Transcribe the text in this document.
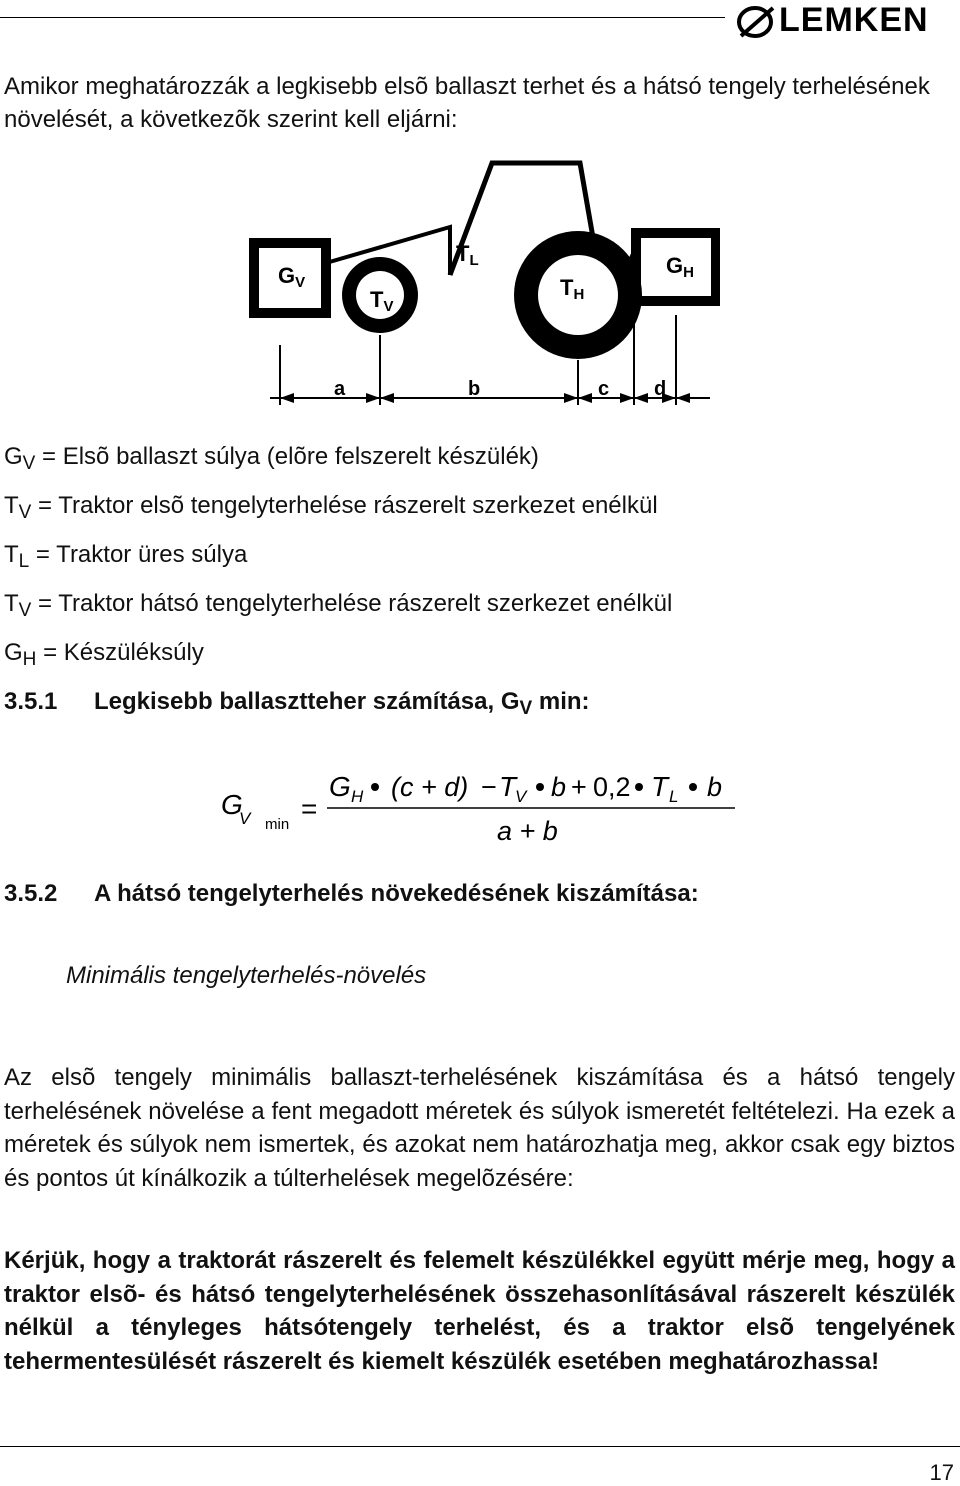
LEMKEN
Amikor meghatározzák a legkisebb elsõ ballaszt terhet és a hátsó tengely terhelésének növelését, a következõk szerint kell eljárni:
GV
TV
TL
TH
GH
a	b	c d
$G_V$ = Elsõ ballaszt súlya (elõre felszerelt készülék)
$T_V$ = Traktor elsõ tengelyterhelése rászerelt szerkezet enélkül
$T_L$ = Traktor üres súlya
$T_V$ = Traktor hátsó tengelyterhelése rászerelt szerkezet enélkül
$G_H$ = Készüléksúly
3.5.1 Legkisebb ballasztteher számítása, $G_V$ min:
G
V min
=
G H (c + d) − T
V b + 0,2 T L b
a + b
3.5.2 A hátsó tengelyterhelés növekedésének kiszámítása:
Minimális tengelyterhelés-növelés
Az elsõ tengely minimális ballaszt-terhelésének kiszámítása és a hátsó tengely terhelésének növelése a fent megadott méretek és súlyok ismeretét feltételezi. Ha ezek a méretek és súlyok nem ismertek, és azokat nem határozhatja meg, akkor csak egy biztos és pontos út kínálkozik a túlterhelések megelõzésére:
Kérjük, hogy a traktorát rászerelt és felemelt készülékkel együtt mérje meg, hogy a traktor elsõ- és hátsó tengelyterhelésének összehasonlításával rászerelt készülék nélkül a tényleges hátsótengely terhelést, és a traktor elsõ tengelyének tehermentesülését rászerelt és kiemelt készülék esetében meghatározhassa!
17
